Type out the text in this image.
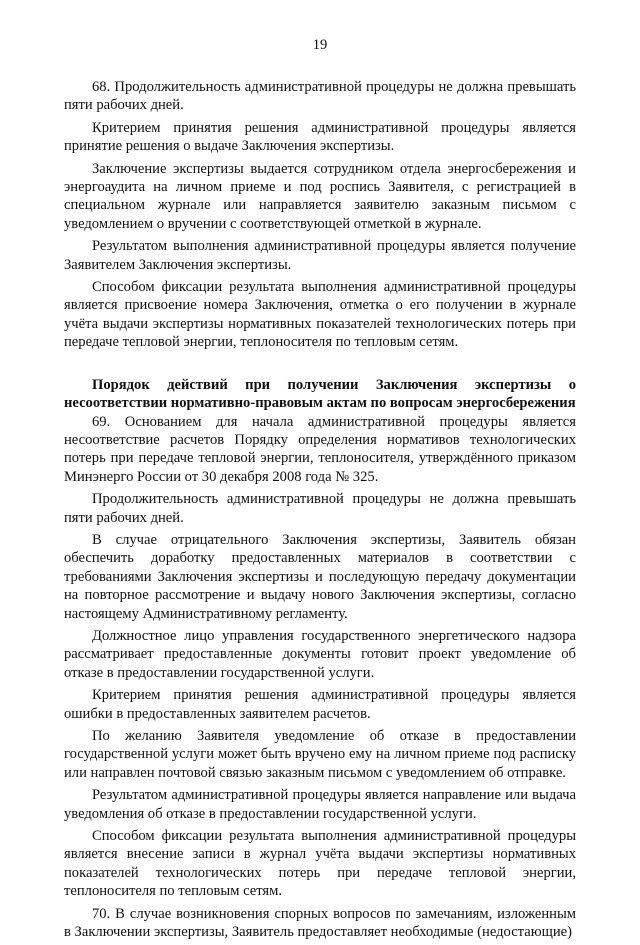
19

68. Продолжительность административной процедуры не должна превышать пяти рабочих дней.

Критерием принятия решения административной процедуры является принятие решения о выдаче Заключения экспертизы.

Заключение экспертизы выдается сотрудником отдела энергосбережения и энергоаудита на личном приеме и под роспись Заявителя, с регистрацией в специальном журнале или направляется заявителю заказным письмом с уведомлением о вручении с соответствующей отметкой в журнале.

Результатом выполнения административной процедуры является получение Заявителем Заключения экспертизы.

Способом фиксации результата выполнения административной процедуры является присвоение номера Заключения, отметка о его получении в журнале учёта выдачи экспертизы нормативных показателей технологических потерь при передаче тепловой энергии, теплоносителя по тепловым сетям.

Порядок действий при получении Заключения экспертизы о несоответствии нормативно-правовым актам по вопросам энергосбережения

69. Основанием для начала административной процедуры является несоответствие расчетов Порядку определения нормативов технологических потерь при передаче тепловой энергии, теплоносителя, утверждённого приказом Минэнерго России от 30 декабря 2008 года № 325.

Продолжительность административной процедуры не должна превышать пяти рабочих дней.

В случае отрицательного Заключения экспертизы, Заявитель обязан обеспечить доработку предоставленных материалов в соответствии с требованиями Заключения экспертизы и последующую передачу документации на повторное рассмотрение и выдачу нового Заключения экспертизы, согласно настоящему Административному регламенту.

Должностное лицо управления государственного энергетического надзора рассматривает предоставленные документы готовит проект уведомление об отказе в предоставлении государственной услуги.

Критерием принятия решения административной процедуры является ошибки в предоставленных заявителем расчетов.

По желанию Заявителя уведомление об отказе в предоставлении государственной услуги может быть вручено ему на личном приеме под расписку или направлен почтовой связью заказным письмом с уведомлением об отправке.

Результатом административной процедуры является направление или выдача уведомления об отказе в предоставлении государственной услуги.

Способом фиксации результата выполнения административной процедуры является внесение записи в журнал учёта выдачи экспертизы нормативных показателей технологических потерь при передаче тепловой энергии, теплоносителя по тепловым сетям.

70. В случае возникновения спорных вопросов по замечаниям, изложенным в Заключении экспертизы, Заявитель предоставляет необходимые (недостающие)
